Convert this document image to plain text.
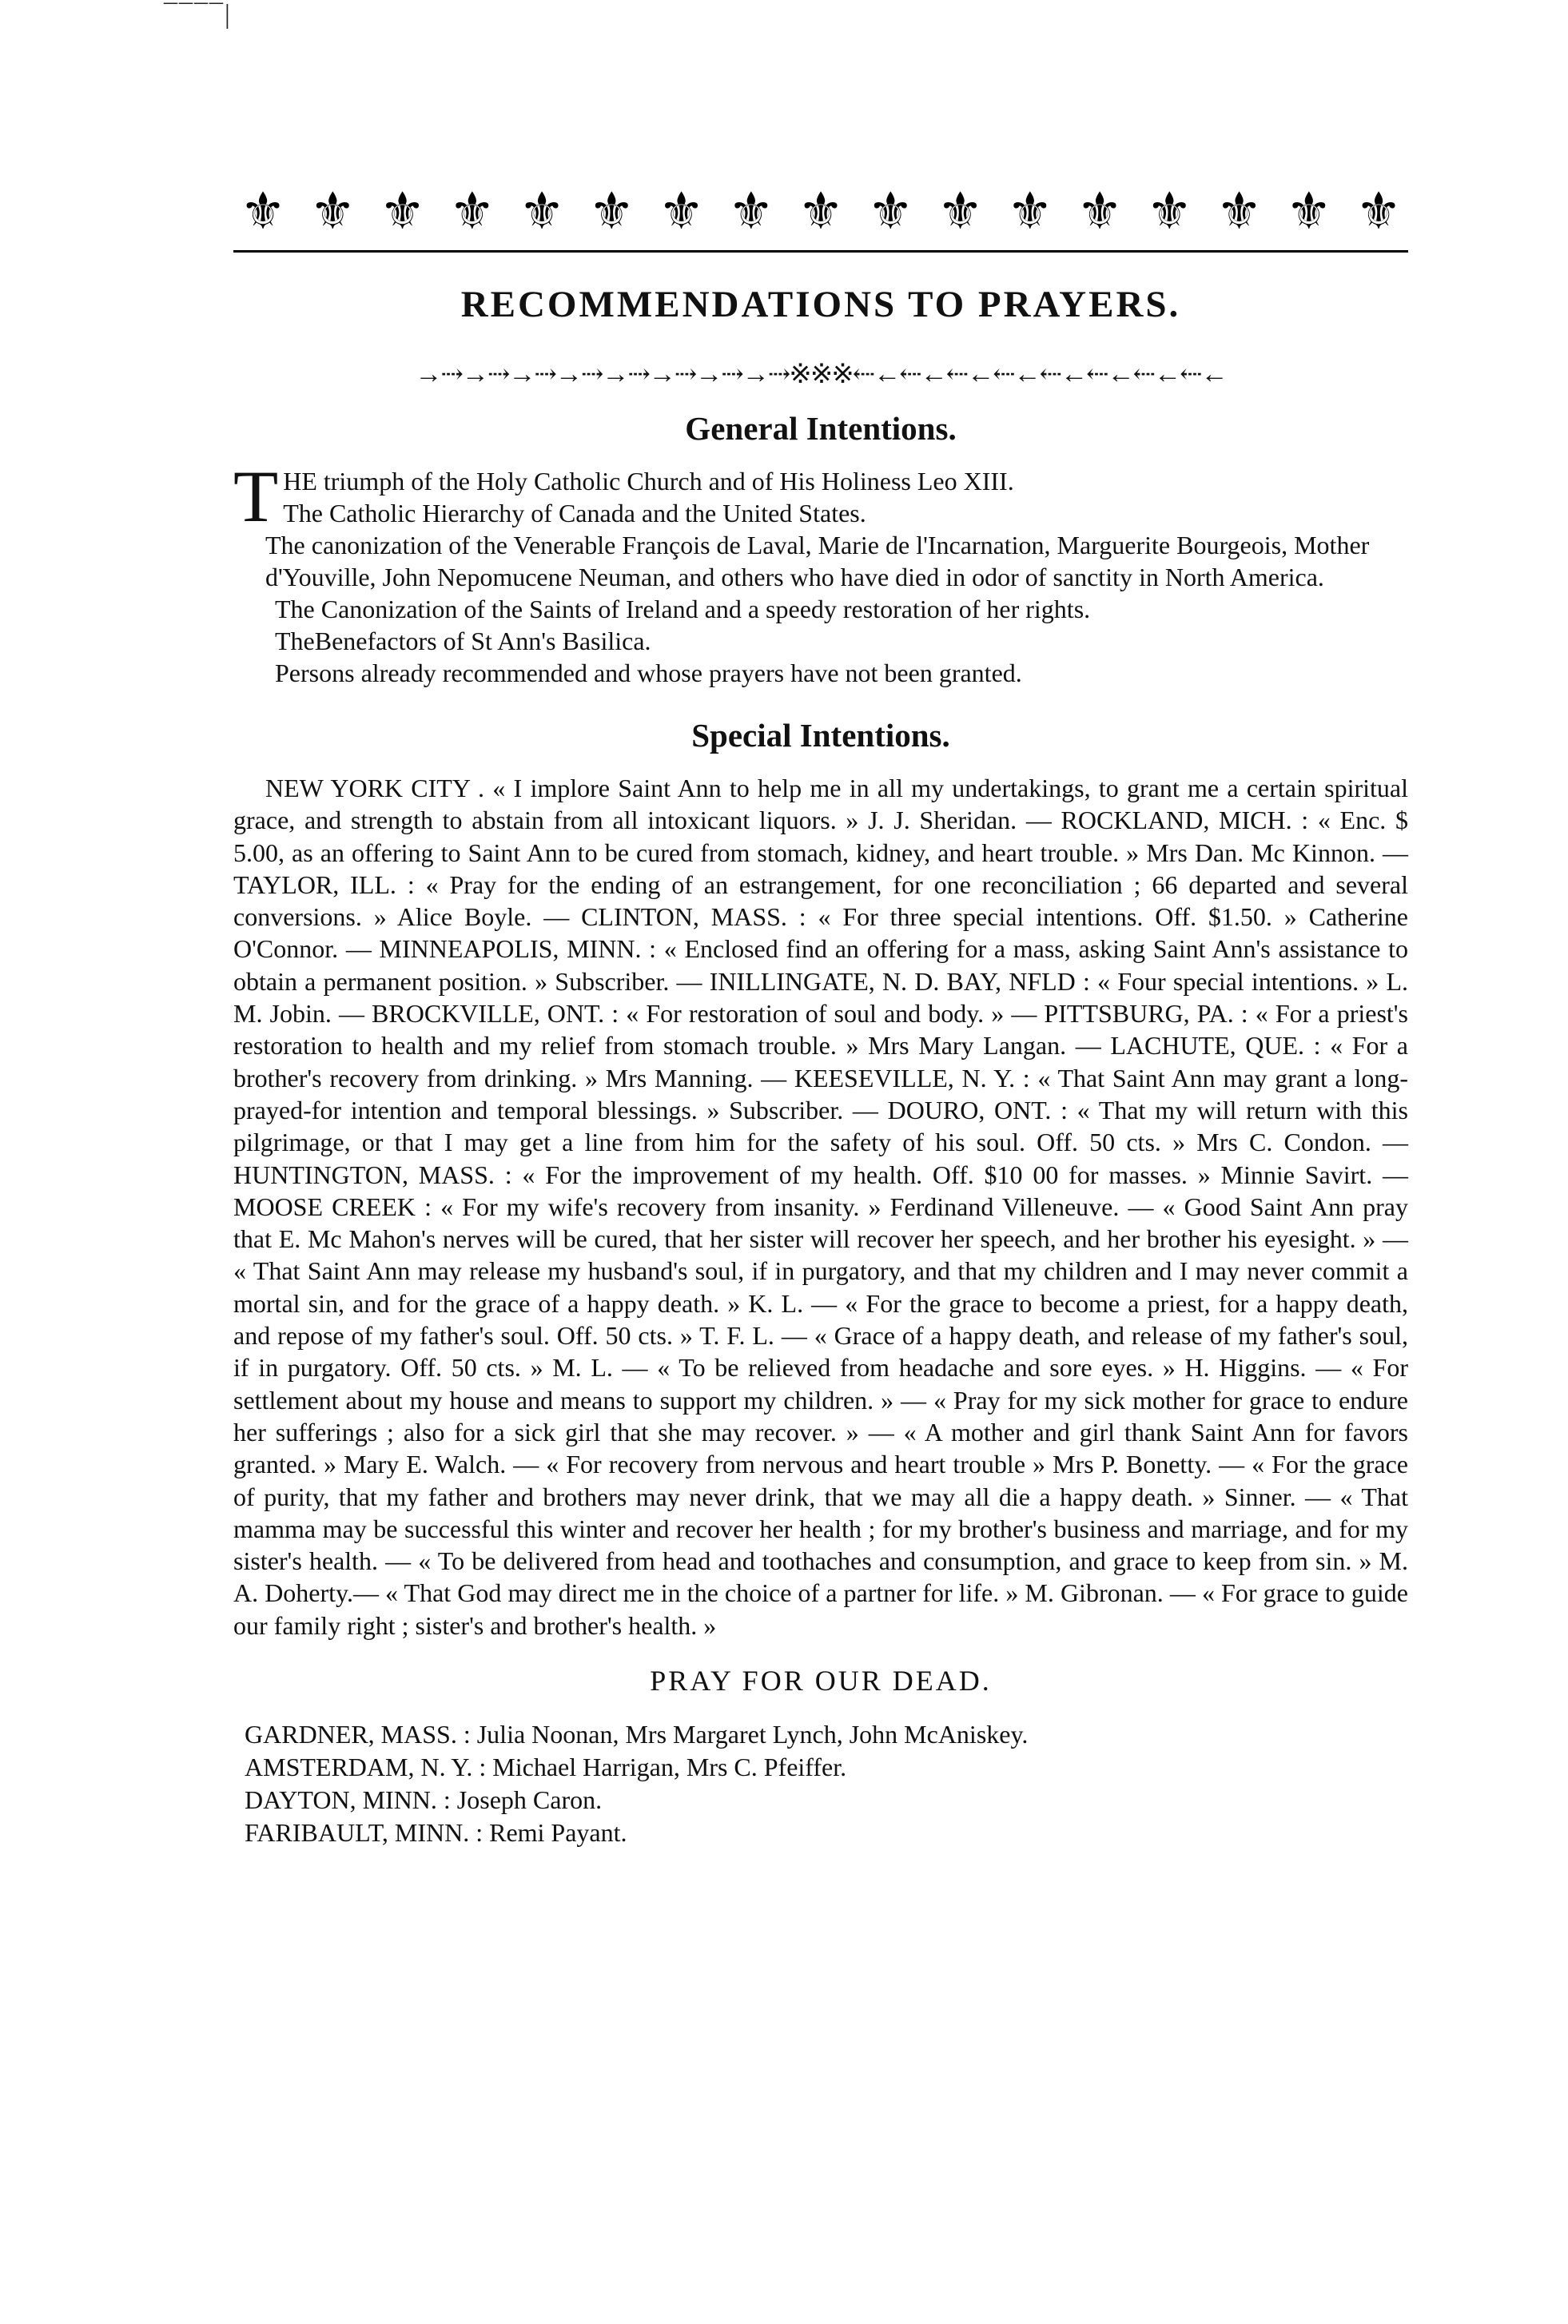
¯¯¯¯|
⚜ ⚜ ⚜ ⚜ ⚜ ⚜ ⚜ ⚜ ⚜ ⚜ ⚜ ⚜ ⚜ ⚜ ⚜ ⚜ ⚜
RECOMMENDATIONS TO PRAYERS.
→⇢→⇢→⇢→⇢→⇢→⇢→⇢→⇢※※※⇠←⇠←⇠←⇠←⇠←⇠←⇠←⇠←
General Intentions.

T HE triumph of the Holy Catholic Church and of His Holiness Leo XIII.

The Catholic Hierarchy of Canada and the United States.

The canonization of the Venerable François de Laval, Marie de l'Incarnation, Marguerite Bourgeois, Mother d'Youville, John Nepomucene Neuman, and others who have died in odor of sanctity in North America.

The Canonization of the Saints of Ireland and a speedy restoration of her rights.

TheBenefactors of St Ann's Basilica.

Persons already recommended and whose prayers have not been granted.

Special Intentions.
NEW YORK CITY . « I implore Saint Ann to help me in all my undertakings, to grant me a certain spiritual grace, and strength to abstain from all intoxicant liquors. » J. J. Sheridan. — ROCKLAND, MICH. : « Enc. $ 5.00, as an offering to Saint Ann to be cured from stomach, kidney, and heart trouble. » Mrs Dan. Mc Kinnon. — TAYLOR, ILL. : « Pray for the ending of an estrangement, for one reconciliation ; 66 departed and several conversions. » Alice Boyle. — CLINTON, MASS. : « For three special intentions. Off. $1.50. » Catherine O'Connor. — MINNEAPOLIS, MINN. : « Enclosed find an offering for a mass, asking Saint Ann's assistance to obtain a permanent position. » Subscriber. — INILLINGATE, N. D. BAY, NFLD : « Four special intentions. » L. M. Jobin. — BROCKVILLE, ONT. : « For restoration of soul and body. » — PITTSBURG, PA. : « For a priest's restoration to health and my relief from stomach trouble. » Mrs Mary Langan. — LACHUTE, QUE. : « For a brother's recovery from drinking. » Mrs Manning. — KEESEVILLE, N. Y. : « That Saint Ann may grant a long-prayed-for intention and temporal blessings. » Subscriber. — DOURO, ONT. : « That my will return with this pilgrimage, or that I may get a line from him for the safety of his soul. Off. 50 cts. » Mrs C. Condon. — HUNTINGTON, MASS. : « For the improvement of my health. Off. $10 00 for masses. » Minnie Savirt. — MOOSE CREEK : « For my wife's recovery from insanity. » Ferdinand Villeneuve. — « Good Saint Ann pray that E. Mc Mahon's nerves will be cured, that her sister will recover her speech, and her brother his eyesight. » — « That Saint Ann may release my husband's soul, if in purgatory, and that my children and I may never commit a mortal sin, and for the grace of a happy death. » K. L. — « For the grace to become a priest, for a happy death, and repose of my father's soul. Off. 50 cts. » T. F. L. — « Grace of a happy death, and release of my father's soul, if in purgatory. Off. 50 cts. » M. L. — « To be relieved from headache and sore eyes. » H. Higgins. — « For settlement about my house and means to support my children. » — « Pray for my sick mother for grace to endure her sufferings ; also for a sick girl that she may recover. » — « A mother and girl thank Saint Ann for favors granted. » Mary E. Walch. — « For recovery from nervous and heart trouble » Mrs P. Bonetty. — « For the grace of purity, that my father and brothers may never drink, that we may all die a happy death. » Sinner. — « That mamma may be successful this winter and recover her health ; for my brother's business and marriage, and for my sister's health. — « To be delivered from head and toothaches and consumption, and grace to keep from sin. » M. A. Doherty.— « That God may direct me in the choice of a partner for life. » M. Gibronan. — « For grace to guide our family right ; sister's and brother's health. »
PRAY FOR OUR DEAD.
GARDNER, MASS. : Julia Noonan, Mrs Margaret Lynch, John McAniskey.
AMSTERDAM, N. Y. : Michael Harrigan, Mrs C. Pfeiffer.
DAYTON, MINN. : Joseph Caron.
FARIBAULT, MINN. : Remi Payant.
